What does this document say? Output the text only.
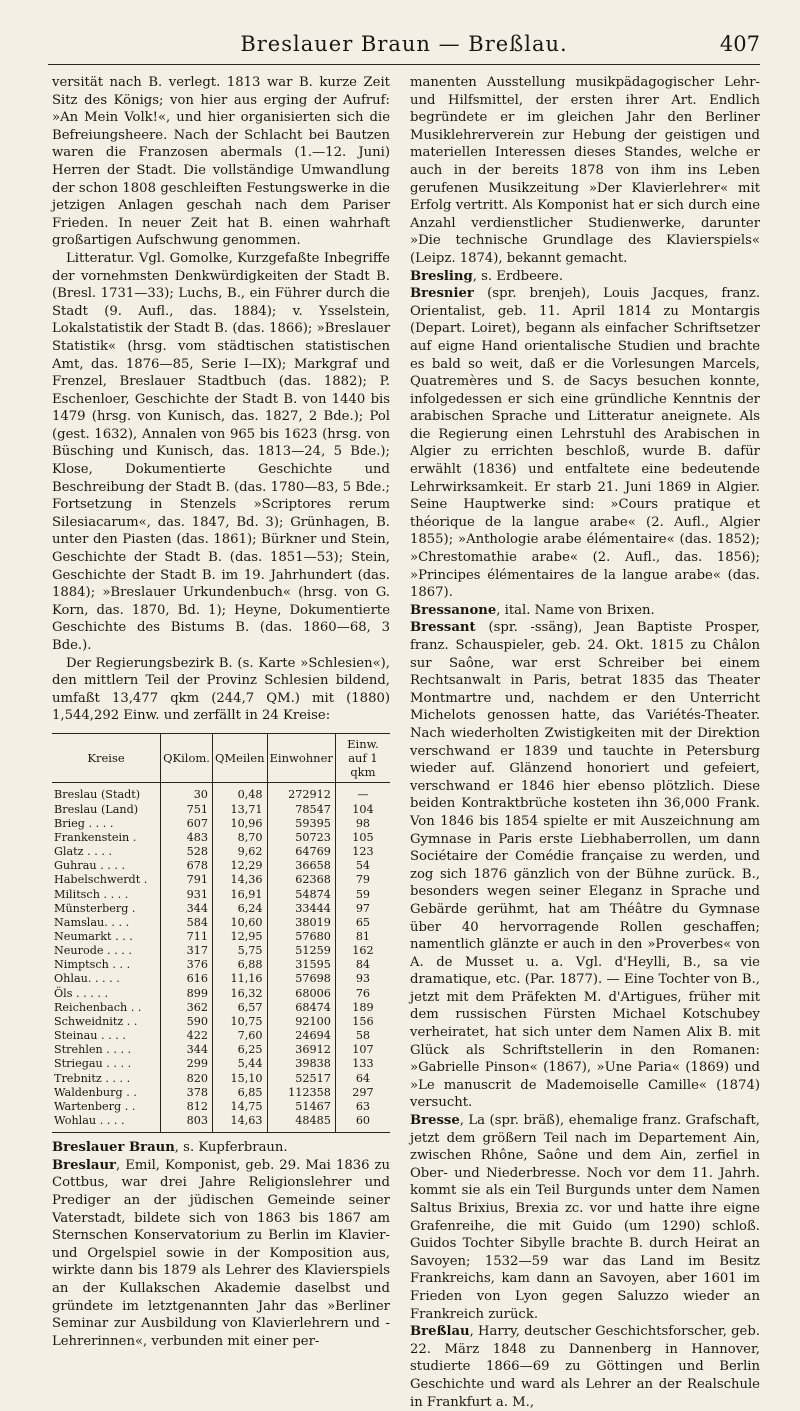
Breslauer Braun — Breßlau.	407

versität nach B. verlegt. 1813 war B. kurze Zeit Sitz des Königs; von hier aus erging der Aufruf: »An Mein Volk!«, und hier organisierten sich die Befreiungsheere. Nach der Schlacht bei Bautzen waren die Franzosen abermals (1.—12. Juni) Herren der Stadt. Die vollständige Umwandlung der schon 1808 geschleiften Festungswerke in die jetzigen Anlagen geschah nach dem Pariser Frieden. In neuer Zeit hat B. einen wahrhaft großartigen Aufschwung genommen.

Litteratur. Vgl. Gomolke, Kurzgefaßte Inbegriffe der vornehmsten Denkwürdigkeiten der Stadt B. (Bresl. 1731—33); Luchs, B., ein Führer durch die Stadt (9. Aufl., das. 1884); v. Ysselstein, Lokalstatistik der Stadt B. (das. 1866); »Breslauer Statistik« (hrsg. vom städtischen statistischen Amt, das. 1876—85, Serie I—IX); Markgraf und Frenzel, Breslauer Stadtbuch (das. 1882); P. Eschenloer, Geschichte der Stadt B. von 1440 bis 1479 (hrsg. von Kunisch, das. 1827, 2 Bde.); Pol (gest. 1632), Annalen von 965 bis 1623 (hrsg. von Büsching und Kunisch, das. 1813—24, 5 Bde.); Klose, Dokumentierte Geschichte und Beschreibung der Stadt B. (das. 1780—83, 5 Bde.; Fortsetzung in Stenzels »Scriptores rerum Silesiacarum«, das. 1847, Bd. 3); Grünhagen, B. unter den Piasten (das. 1861); Bürkner und Stein, Geschichte der Stadt B. (das. 1851—53); Stein, Geschichte der Stadt B. im 19. Jahrhundert (das. 1884); »Breslauer Urkundenbuch« (hrsg. von G. Korn, das. 1870, Bd. 1); Heyne, Dokumentierte Geschichte des Bistums B. (das. 1860—68, 3 Bde.).

Der Regierungsbezirk B. (s. Karte »Schlesien«), den mittlern Teil der Provinz Schlesien bildend, umfaßt 13,477 qkm (244,7 QM.) mit (1880) 1,544,292 Einw. und zerfällt in 24 Kreise:

Kreise	QKilom.	QMeilen	Einwohner	Einw. auf 1 qkm
Breslau (Stadt)	30	0,48	272912	—
Breslau (Land)	751	13,71	78547	104
Brieg . . . .	607	10,96	59395	98
Frankenstein .	483	8,70	50723	105
Glatz . . . .	528	9,62	64769	123
Guhrau . . . .	678	12,29	36658	54
Habelschwerdt .	791	14,36	62368	79
Militsch . . . .	931	16,91	54874	59
Münsterberg .	344	6,24	33444	97
Namslau. . . .	584	10,60	38019	65
Neumarkt . . .	711	12,95	57680	81
Neurode . . . .	317	5,75	51259	162
Nimptsch . . .	376	6,88	31595	84
Ohlau. . . . .	616	11,16	57698	93
Öls . . . . .	899	16,32	68006	76
Reichenbach . .	362	6,57	68474	189
Schweidnitz . .	590	10,75	92100	156
Steinau . . . .	422	7,60	24694	58
Strehlen . . . .	344	6,25	36912	107
Striegau . . . .	299	5,44	39838	133
Trebnitz . . . .	820	15,10	52517	64
Waldenburg . .	378	6,85	112358	297
Wartenberg . .	812	14,75	51467	63
Wohlau . . . .	803	14,63	48485	60

Breslauer Braun, s. Kupferbraun.

Breslaur, Emil, Komponist, geb. 29. Mai 1836 zu Cottbus, war drei Jahre Religionslehrer und Prediger an der jüdischen Gemeinde seiner Vaterstadt, bildete sich von 1863 bis 1867 am Sternschen Konservatorium zu Berlin im Klavier- und Orgelspiel sowie in der Komposition aus, wirkte dann bis 1879 als Lehrer des Klavierspiels an der Kullakschen Akademie daselbst und gründete im letztgenannten Jahr das »Berliner Seminar zur Ausbildung von Klavierlehrern und -Lehrerinnen«, verbunden mit einer per-

manenten Ausstellung musikpädagogischer Lehr- und Hilfsmittel, der ersten ihrer Art. Endlich begründete er im gleichen Jahr den Berliner Musiklehrerverein zur Hebung der geistigen und materiellen Interessen dieses Standes, welche er auch in der bereits 1878 von ihm ins Leben gerufenen Musikzeitung »Der Klavierlehrer« mit Erfolg vertritt. Als Komponist hat er sich durch eine Anzahl verdienstlicher Studienwerke, darunter »Die technische Grundlage des Klavierspiels« (Leipz. 1874), bekannt gemacht.

Bresling, s. Erdbeere.

Bresnier (spr. brenjeh), Louis Jacques, franz. Orientalist, geb. 11. April 1814 zu Montargis (Depart. Loiret), begann als einfacher Schriftsetzer auf eigne Hand orientalische Studien und brachte es bald so weit, daß er die Vorlesungen Marcels, Quatremères und S. de Sacys besuchen konnte, infolgedessen er sich eine gründliche Kenntnis der arabischen Sprache und Litteratur aneignete. Als die Regierung einen Lehrstuhl des Arabischen in Algier zu errichten beschloß, wurde B. dafür erwählt (1836) und entfaltete eine bedeutende Lehrwirksamkeit. Er starb 21. Juni 1869 in Algier. Seine Hauptwerke sind: »Cours pratique et théorique de la langue arabe« (2. Aufl., Algier 1855); »Anthologie arabe élémentaire« (das. 1852); »Chrestomathie arabe« (2. Aufl., das. 1856); »Principes élémentaires de la langue arabe« (das. 1867).

Bressanone, ital. Name von Brixen.

Bressant (spr. -ssäng), Jean Baptiste Prosper, franz. Schauspieler, geb. 24. Okt. 1815 zu Châlon sur Saône, war erst Schreiber bei einem Rechtsanwalt in Paris, betrat 1835 das Theater Montmartre und, nachdem er den Unterricht Michelots genossen hatte, das Variétés-Theater. Nach wiederholten Zwistigkeiten mit der Direktion verschwand er 1839 und tauchte in Petersburg wieder auf. Glänzend honoriert und gefeiert, verschwand er 1846 hier ebenso plötzlich. Diese beiden Kontraktbrüche kosteten ihn 36,000 Frank. Von 1846 bis 1854 spielte er mit Auszeichnung am Gymnase in Paris erste Liebhaberrollen, um dann Sociétaire der Comédie française zu werden, und zog sich 1876 gänzlich von der Bühne zurück. B., besonders wegen seiner Eleganz in Sprache und Gebärde gerühmt, hat am Théâtre du Gymnase über 40 hervorragende Rollen geschaffen; namentlich glänzte er auch in den »Proverbes« von A. de Musset u. a. Vgl. d'Heylli, B., sa vie dramatique, etc. (Par. 1877). — Eine Tochter von B., jetzt mit dem Präfekten M. d'Artigues, früher mit dem russischen Fürsten Michael Kotschubey verheiratet, hat sich unter dem Namen Alix B. mit Glück als Schriftstellerin in den Romanen: »Gabrielle Pinson« (1867), »Une Paria« (1869) und »Le manuscrit de Mademoiselle Camille« (1874) versucht.

Bresse, La (spr. bräß), ehemalige franz. Grafschaft, jetzt dem größern Teil nach im Departement Ain, zwischen Rhône, Saône und dem Ain, zerfiel in Ober- und Niederbresse. Noch vor dem 11. Jahrh. kommt sie als ein Teil Burgunds unter dem Namen Saltus Brixius, Brexia zc. vor und hatte ihre eigne Grafenreihe, die mit Guido (um 1290) schloß. Guidos Tochter Sibylle brachte B. durch Heirat an Savoyen; 1532—59 war das Land im Besitz Frankreichs, kam dann an Savoyen, aber 1601 im Frieden von Lyon gegen Saluzzo wieder an Frankreich zurück.

Breßlau, Harry, deutscher Geschichtsforscher, geb. 22. März 1848 zu Dannenberg in Hannover, studierte 1866—69 zu Göttingen und Berlin Geschichte und ward als Lehrer an der Realschule in Frankfurt a. M.,
